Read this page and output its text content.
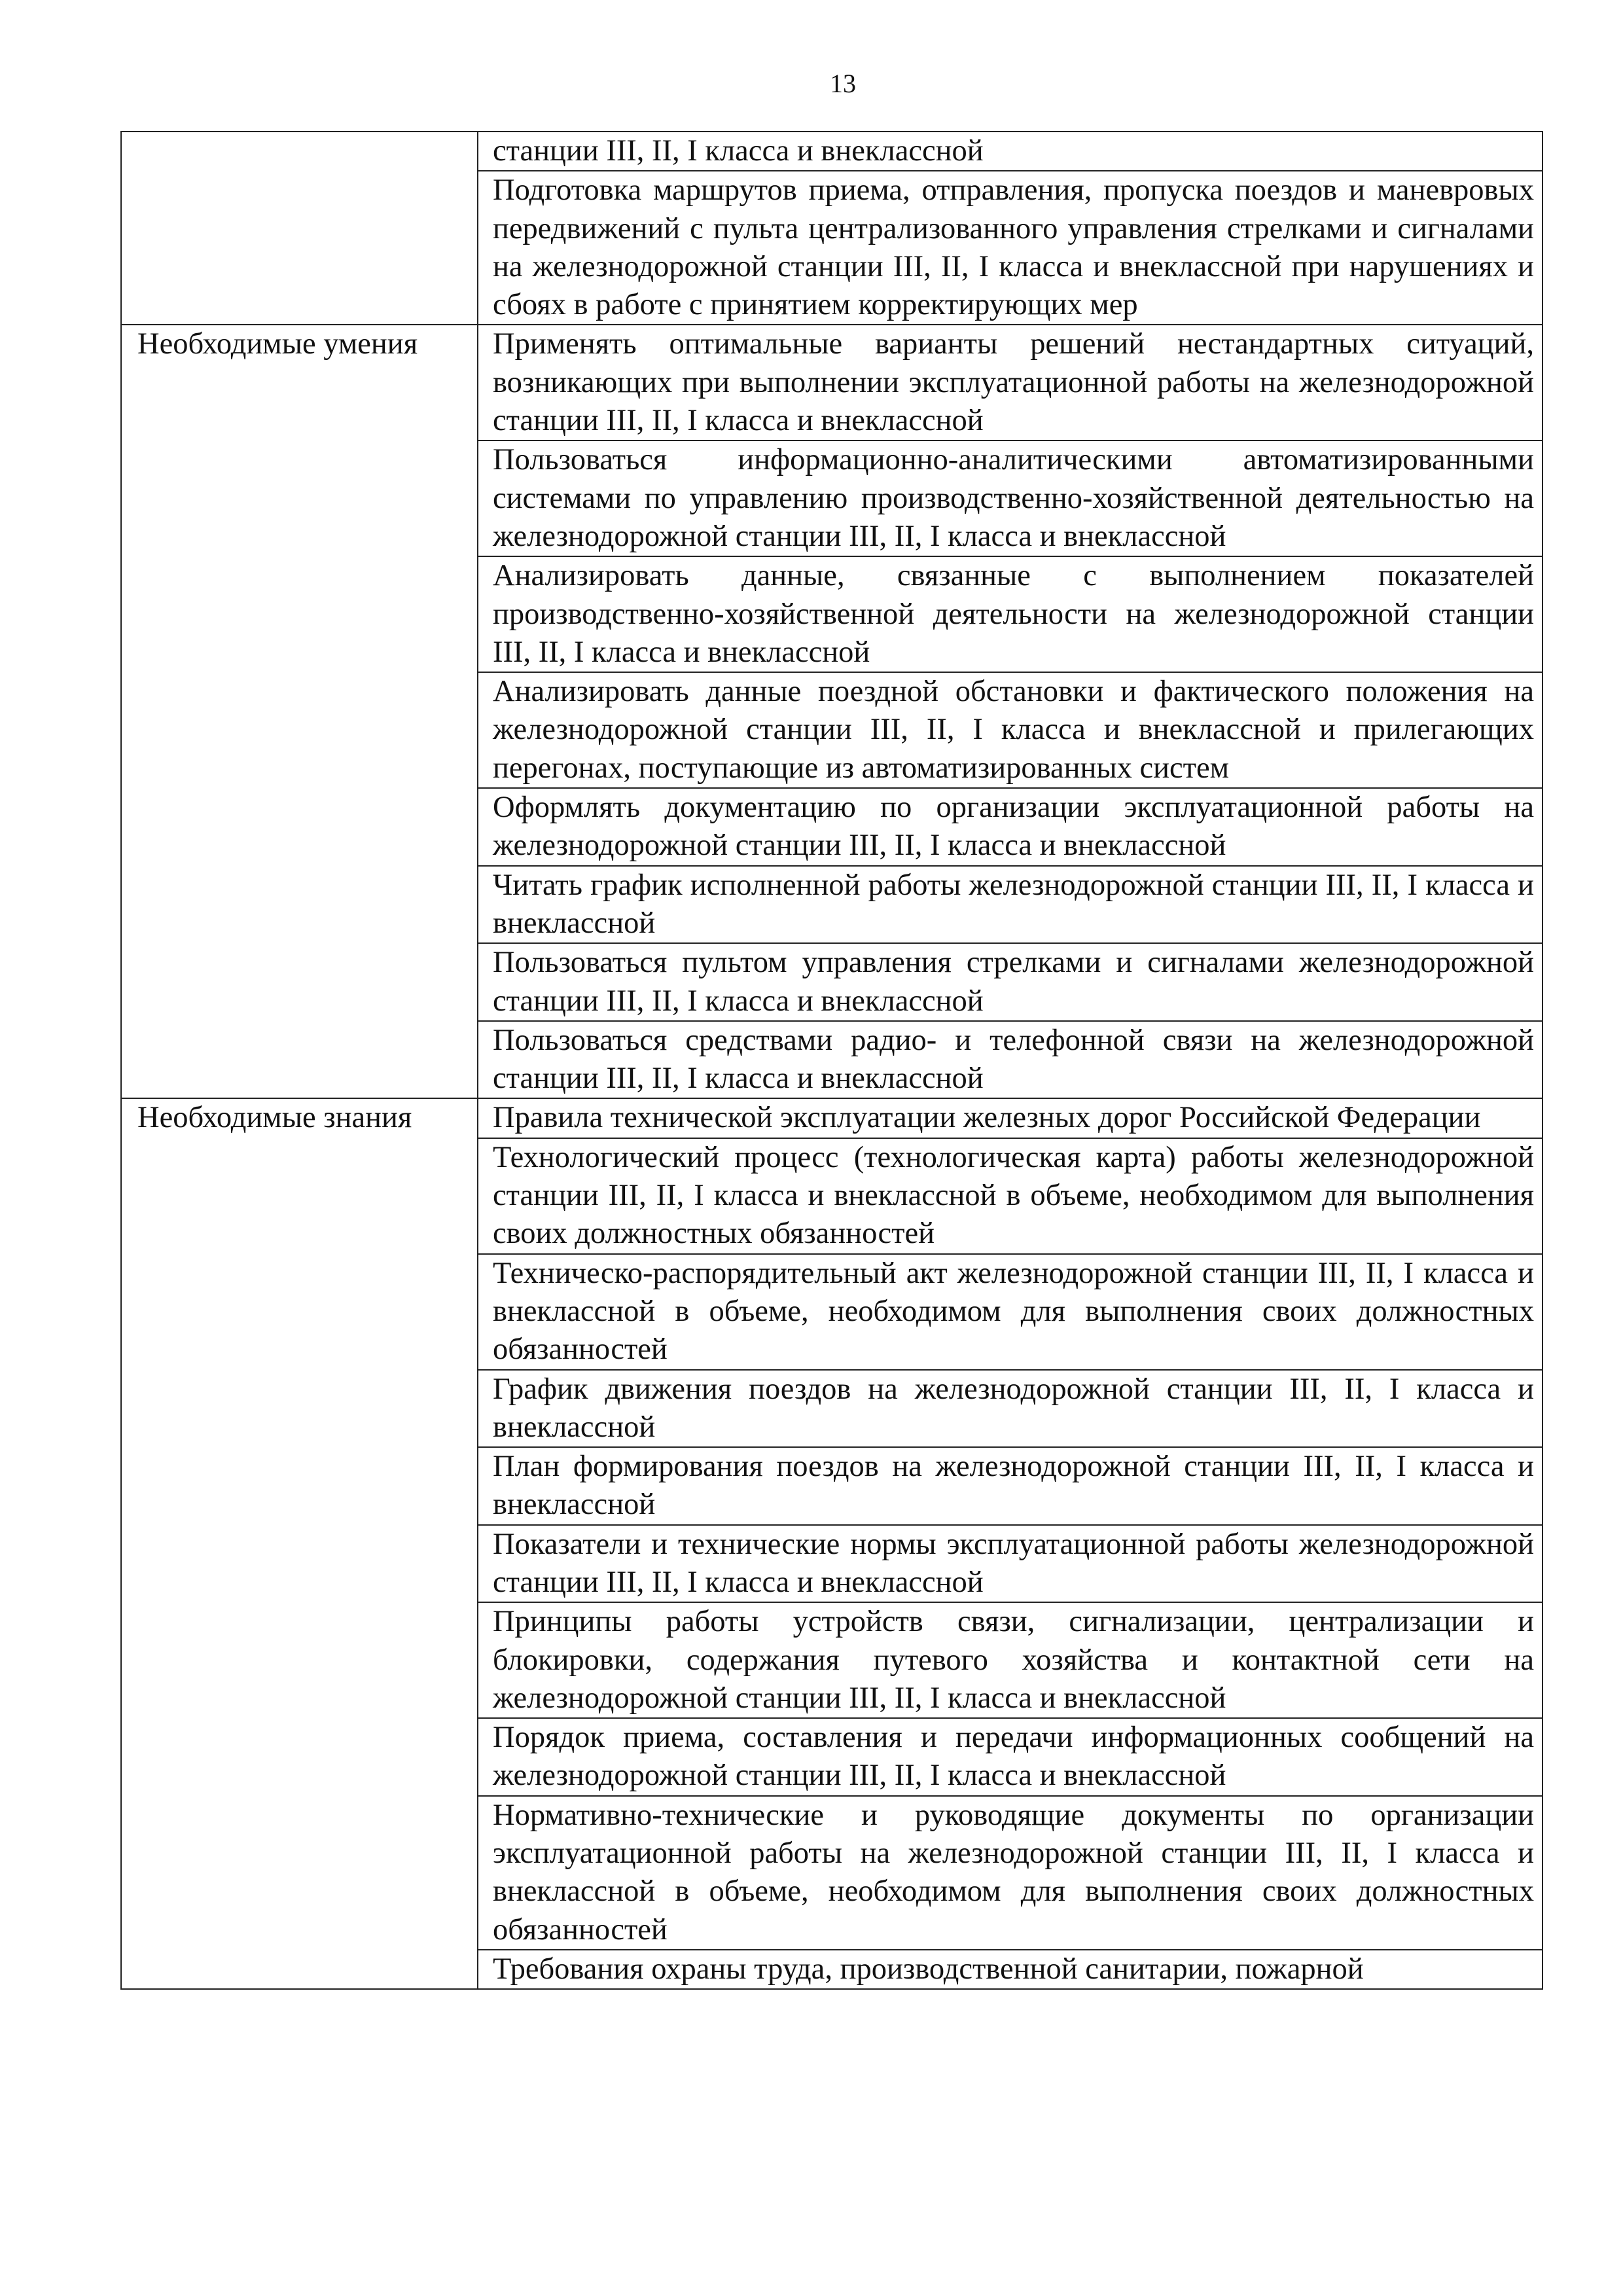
13
	станции III, II, I класса и внеклассной
	Подготовка маршрутов приема, отправления, пропуска поездов и маневровых передвижений с пульта централизованного управления стрелками и сигналами на железнодорожной станции III, II, I класса и внеклассной при нарушениях и сбоях в работе с принятием корректирующих мер
Необходимые умения	Применять оптимальные варианты решений нестандартных ситуаций, возникающих при выполнении эксплуатационной работы на железнодорожной станции III, II, I класса и внеклассной
	Пользоваться информационно-аналитическими автоматизированными системами по управлению производственно-хозяйственной деятельностью на железнодорожной станции III, II, I класса и внеклассной
	Анализировать данные, связанные с выполнением показателей производственно-хозяйственной деятельности на железнодорожной станции III, II, I класса и внеклассной
	Анализировать данные поездной обстановки и фактического положения на железнодорожной станции III, II, I класса и внеклассной и прилегающих перегонах, поступающие из автоматизированных систем
	Оформлять документацию по организации эксплуатационной работы на железнодорожной станции III, II, I класса и внеклассной
	Читать график исполненной работы железнодорожной станции III, II, I класса и внеклассной
	Пользоваться пультом управления стрелками и сигналами железнодорожной станции III, II, I класса и внеклассной
	Пользоваться средствами радио- и телефонной связи на железнодорожной станции III, II, I класса и внеклассной
Необходимые знания	Правила технической эксплуатации железных дорог Российской Федерации
	Технологический процесс (технологическая карта) работы железнодорожной станции III, II, I класса и внеклассной в объеме, необходимом для выполнения своих должностных обязанностей
	Техническо-распорядительный акт железнодорожной станции III, II, I класса и внеклассной в объеме, необходимом для выполнения своих должностных обязанностей
	График движения поездов на железнодорожной станции III, II, I класса и внеклассной
	План формирования поездов на железнодорожной станции III, II, I класса и внеклассной
	Показатели и технические нормы эксплуатационной работы железнодорожной станции III, II, I класса и внеклассной
	Принципы работы устройств связи, сигнализации, централизации и блокировки, содержания путевого хозяйства и контактной сети на железнодорожной станции III, II, I класса и внеклассной
	Порядок приема, составления и передачи информационных сообщений на железнодорожной станции III, II, I класса и внеклассной
	Нормативно-технические и руководящие документы по организации эксплуатационной работы на железнодорожной станции III, II, I класса и внеклассной в объеме, необходимом для выполнения своих должностных обязанностей
	Требования охраны труда, производственной санитарии, пожарной
